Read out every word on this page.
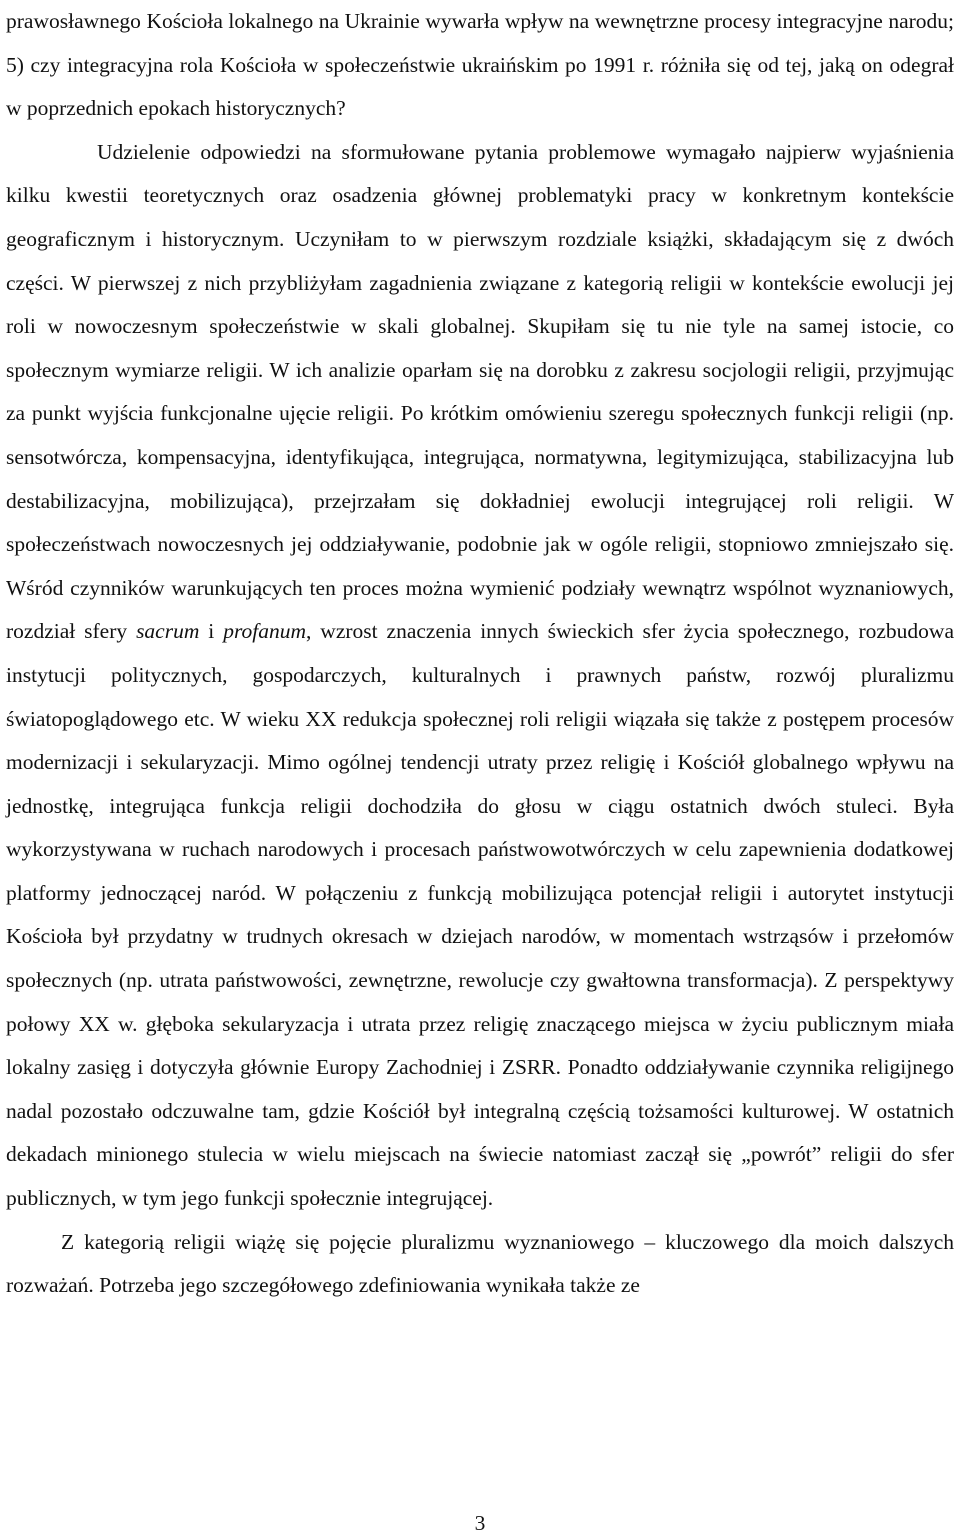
prawosławnego Kościoła lokalnego na Ukrainie wywarła wpływ na wewnętrzne procesy integracyjne narodu; 5) czy integracyjna rola Kościoła w społeczeństwie ukraińskim po 1991 r. różniła się od tej, jaką on odegrał w poprzednich epokach historycznych?

Udzielenie odpowiedzi na sformułowane pytania problemowe wymagało najpierw wyjaśnienia kilku kwestii teoretycznych oraz osadzenia głównej problematyki pracy w konkretnym kontekście geograficznym i historycznym. Uczyniłam to w pierwszym rozdziale książki, składającym się z dwóch części. W pierwszej z nich przybliżyłam zagadnienia związane z kategorią religii w kontekście ewolucji jej roli w nowoczesnym społeczeństwie w skali globalnej. Skupiłam się tu nie tyle na samej istocie, co społecznym wymiarze religii. W ich analizie oparłam się na dorobku z zakresu socjologii religii, przyjmując za punkt wyjścia funkcjonalne ujęcie religii. Po krótkim omówieniu szeregu społecznych funkcji religii (np. sensotwórcza, kompensacyjna, identyfikująca, integrująca, normatywna, legitymizująca, stabilizacyjna lub destabilizacyjna, mobilizująca), przejrzałam się dokładniej ewolucji integrującej roli religii. W społeczeństwach nowoczesnych jej oddziaływanie, podobnie jak w ogóle religii, stopniowo zmniejszało się. Wśród czynników warunkujących ten proces można wymienić podziały wewnątrz wspólnot wyznaniowych, rozdział sfery sacrum i profanum, wzrost znaczenia innych świeckich sfer życia społecznego, rozbudowa instytucji politycznych, gospodarczych, kulturalnych i prawnych państw, rozwój pluralizmu światopoglądowego etc. W wieku XX redukcja społecznej roli religii wiązała się także z postępem procesów modernizacji i sekularyzacji. Mimo ogólnej tendencji utraty przez religię i Kościół globalnego wpływu na jednostkę, integrująca funkcja religii dochodziła do głosu w ciągu ostatnich dwóch stuleci. Była wykorzystywana w ruchach narodowych i procesach państwowotwórczych w celu zapewnienia dodatkowej platformy jednoczącej naród. W połączeniu z funkcją mobilizująca potencjał religii i autorytet instytucji Kościoła był przydatny w trudnych okresach w dziejach narodów, w momentach wstrząsów i przełomów społecznych (np. utrata państwowości, zewnętrzne, rewolucje czy gwałtowna transformacja). Z perspektywy połowy XX w. głęboka sekularyzacja i utrata przez religię znaczącego miejsca w życiu publicznym miała lokalny zasięg i dotyczyła głównie Europy Zachodniej i ZSRR. Ponadto oddziaływanie czynnika religijnego nadal pozostało odczuwalne tam, gdzie Kościół był integralną częścią tożsamości kulturowej. W ostatnich dekadach minionego stulecia w wielu miejscach na świecie natomiast zaczął się „powrót” religii do sfer publicznych, w tym jego funkcji społecznie integrującej.

Z kategorią religii wiążę się pojęcie pluralizmu wyznaniowego – kluczowego dla moich dalszych rozważań. Potrzeba jego szczegółowego zdefiniowania wynikała także ze

3
